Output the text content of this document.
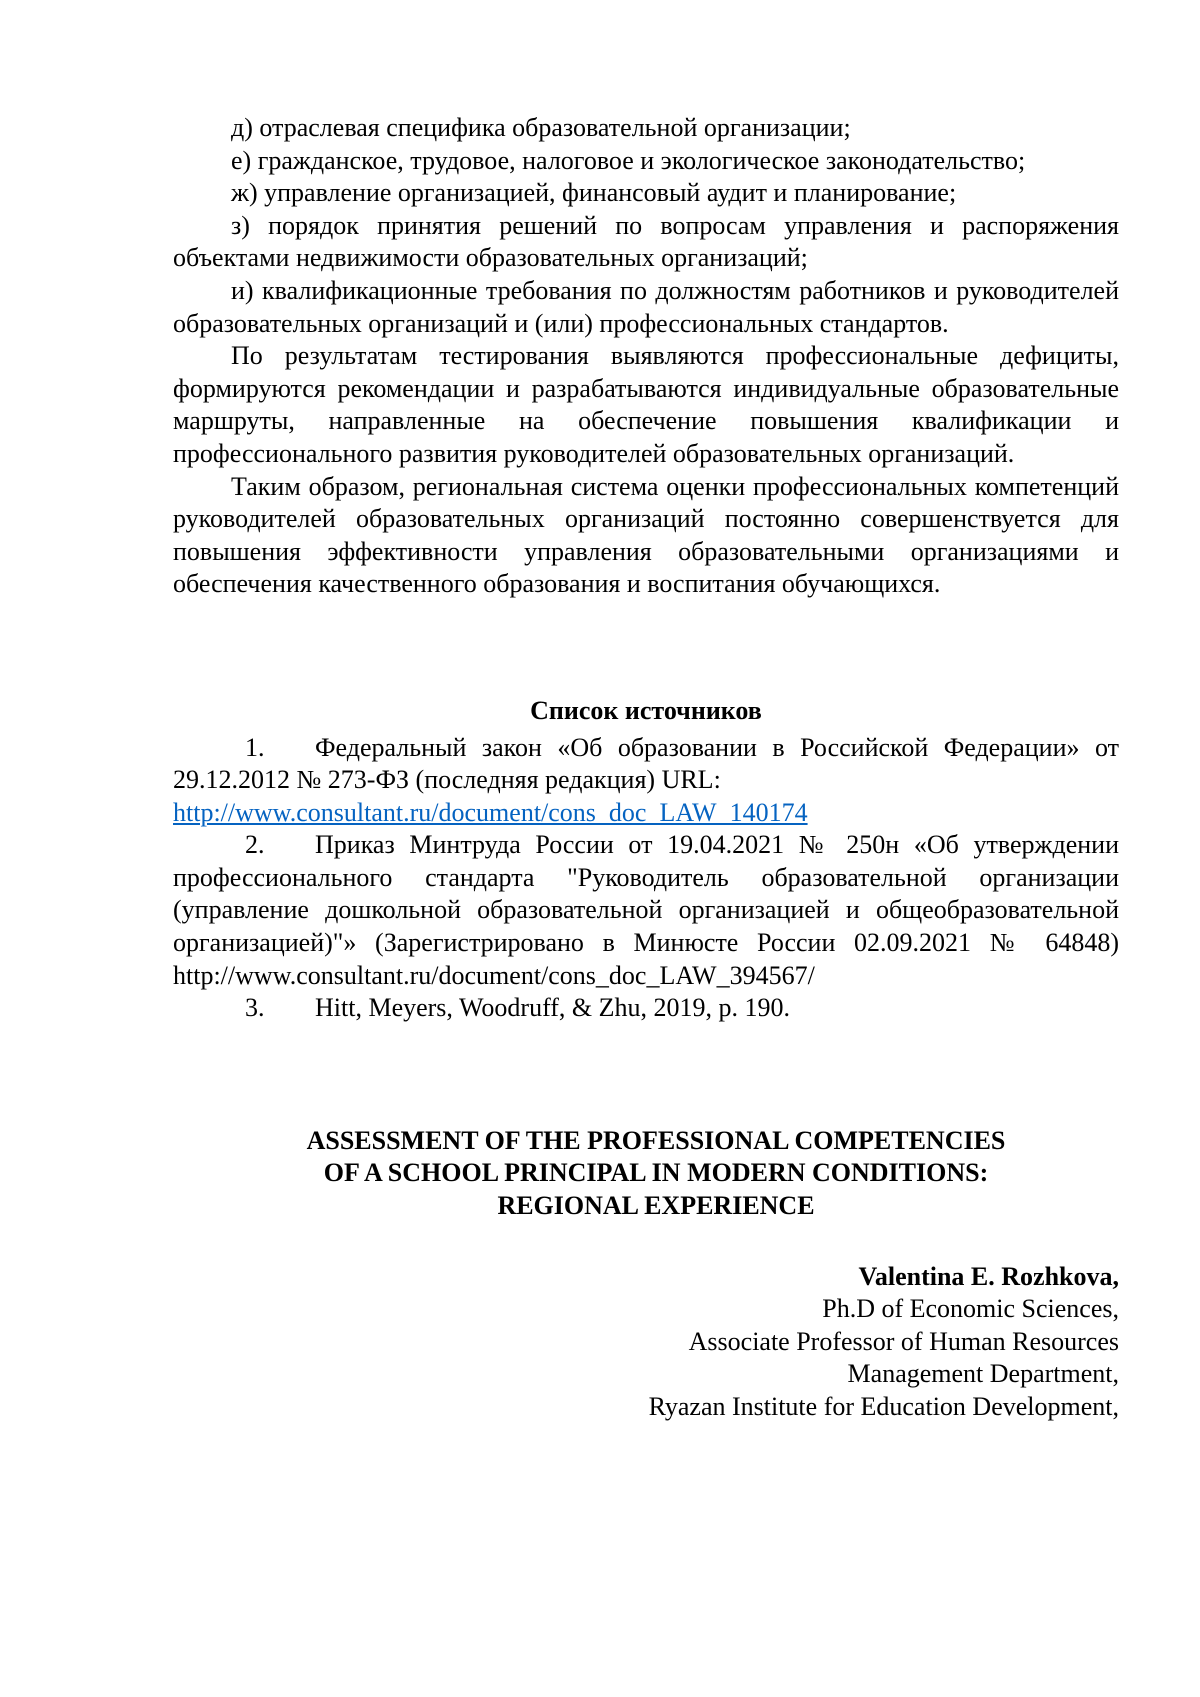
д) отраслевая специфика образовательной организации;

е) гражданское, трудовое, налоговое и экологическое законодательство;

ж) управление организацией, финансовый аудит и планирование;

з) порядок принятия решений по вопросам управления и распоряжения объектами недвижимости образовательных организаций;

и) квалификационные требования по должностям работников и руководителей образовательных организаций и (или) профессиональных стандартов.

По результатам тестирования выявляются профессиональные дефициты, формируются рекомендации и разрабатываются индивидуальные образовательные маршруты, направленные на обеспечение повышения квалификации и профессионального развития руководителей образовательных организаций.

Таким образом, региональная система оценки профессиональных компетенций руководителей образовательных организаций постоянно совершенствуется для повышения эффективности управления образовательными организациями и обеспечения качественного образования и воспитания обучающихся.

Список источников

1. Федеральный закон «Об образовании в Российской Федерации» от 29.12.2012 № 273-ФЗ (последняя редакция) URL:
http://www.consultant.ru/document/cons_doc_LAW_140174

2. Приказ Минтруда России от 19.04.2021 № 250н «Об утверждении профессионального стандарта "Руководитель образовательной организации (управление дошкольной образовательной организацией и общеобразовательной организацией)"» (Зарегистрировано в Минюсте России 02.09.2021 № 64848) http://www.consultant.ru/document/cons_doc_LAW_394567/

3. Hitt, Meyers, Woodruff, & Zhu, 2019, p. 190.

ASSESSMENT OF THE PROFESSIONAL COMPETENCIES

OF A SCHOOL PRINCIPAL IN MODERN CONDITIONS:

REGIONAL EXPERIENCE

Valentina E. Rozhkova,

Ph.D of Economic Sciences,

Associate Professor of Human Resources

Management Department,

Ryazan Institute for Education Development,
